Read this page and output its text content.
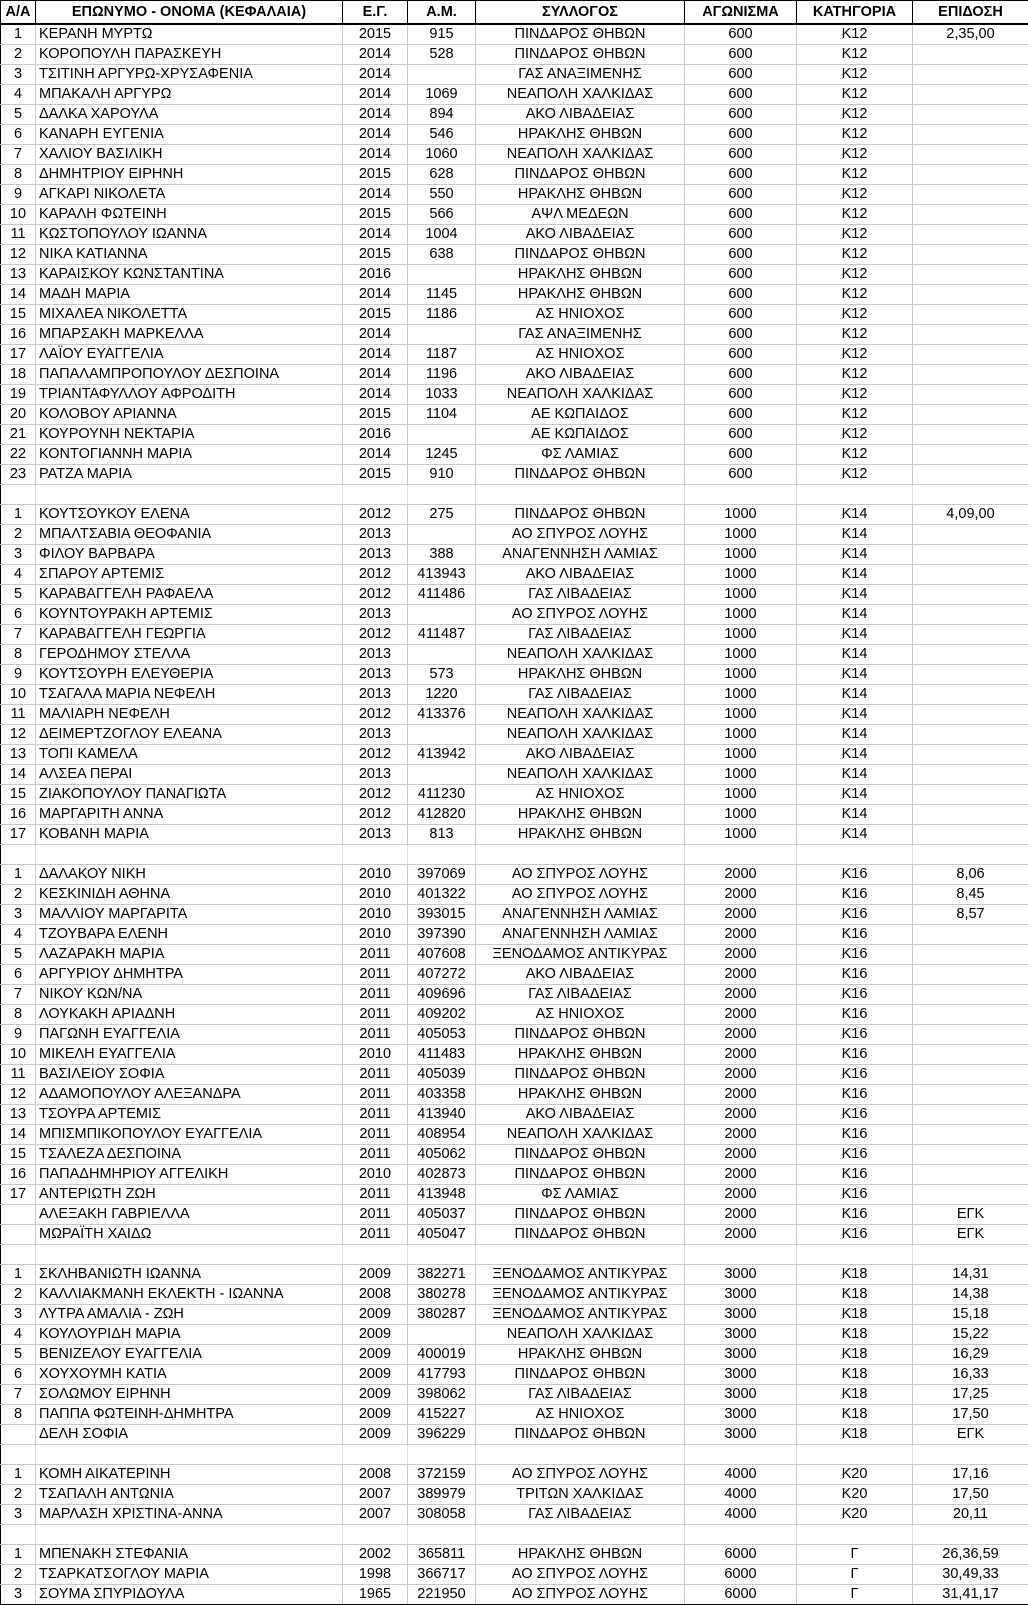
Α/Α	ΕΠΩΝΥΜΟ - ΟΝΟΜΑ (ΚΕΦΑΛΑΙΑ)	Ε.Γ.	Α.Μ.	ΣΥΛΛΟΓΟΣ	ΑΓΩΝΙΣΜΑ	ΚΑΤΗΓΟΡΙΑ	ΕΠΙΔΟΣΗ
1	ΚΕΡΑΝΗ ΜΥΡΤΩ	2015	915	ΠΙΝΔΑΡΟΣ ΘΗΒΩΝ	600	Κ12	2,35,00
2	ΚΟΡΟΠΟΥΛΗ ΠΑΡΑΣΚΕΥΗ	2014	528	ΠΙΝΔΑΡΟΣ ΘΗΒΩΝ	600	Κ12	
3	ΤΣΙΤΙΝΗ ΑΡΓΥΡΩ-ΧΡΥΣΑΦΕΝΙΑ	2014		ΓΑΣ ΑΝΑΞΙΜΕΝΗΣ	600	Κ12	
4	ΜΠΑΚΑΛΗ ΑΡΓΥΡΩ	2014	1069	ΝΕΑΠΟΛΗ ΧΑΛΚΙΔΑΣ	600	Κ12	
5	ΔΑΛΚΑ ΧΑΡΟΥΛΑ	2014	894	ΑΚΟ ΛΙΒΑΔΕΙΑΣ	600	Κ12	
6	ΚΑΝΑΡΗ ΕΥΓΕΝΙΑ	2014	546	ΗΡΑΚΛΗΣ ΘΗΒΩΝ	600	Κ12	
7	ΧΑΛΙΟΥ ΒΑΣΙΛΙΚΗ	2014	1060	ΝΕΑΠΟΛΗ ΧΑΛΚΙΔΑΣ	600	Κ12	
8	ΔΗΜΗΤΡΙΟΥ ΕΙΡΗΝΗ	2015	628	ΠΙΝΔΑΡΟΣ ΘΗΒΩΝ	600	Κ12	
9	ΑΓΚΑΡΙ ΝΙΚΟΛΕΤΑ	2014	550	ΗΡΑΚΛΗΣ ΘΗΒΩΝ	600	Κ12	
10	ΚΑΡΑΛΗ ΦΩΤΕΙΝΗ	2015	566	ΑΨΛ ΜΕΔΕΩΝ	600	Κ12	
11	ΚΩΣΤΟΠΟΥΛΟΥ ΙΩΑΝΝΑ	2014	1004	ΑΚΟ ΛΙΒΑΔΕΙΑΣ	600	Κ12	
12	ΝΙΚΑ ΚΑΤΙΑΝΝΑ	2015	638	ΠΙΝΔΑΡΟΣ ΘΗΒΩΝ	600	Κ12	
13	ΚΑΡΑΙΣΚΟΥ ΚΩΝΣΤΑΝΤΙΝΑ	2016		ΗΡΑΚΛΗΣ ΘΗΒΩΝ	600	Κ12	
14	ΜΑΔΗ ΜΑΡΙΑ	2014	1145	ΗΡΑΚΛΗΣ ΘΗΒΩΝ	600	Κ12	
15	ΜΙΧΑΛΕΑ ΝΙΚΟΛΕΤΤΑ	2015	1186	ΑΣ ΗΝΙΟΧΟΣ	600	Κ12	
16	ΜΠΑΡΣΑΚΗ ΜΑΡΚΕΛΛΑ	2014		ΓΑΣ ΑΝΑΞΙΜΕΝΗΣ	600	Κ12	
17	ΛΑΪΟΥ ΕΥΑΓΓΕΛΙΑ	2014	1187	ΑΣ ΗΝΙΟΧΟΣ	600	Κ12	
18	ΠΑΠΑΛΑΜΠΡΟΠΟΥΛΟΥ ΔΕΣΠΟΙΝΑ	2014	1196	ΑΚΟ ΛΙΒΑΔΕΙΑΣ	600	Κ12	
19	ΤΡΙΑΝΤΑΦΥΛΛΟΥ ΑΦΡΟΔΙΤΗ	2014	1033	ΝΕΑΠΟΛΗ ΧΑΛΚΙΔΑΣ	600	Κ12	
20	ΚΟΛΟΒΟΥ ΑΡΙΑΝΝΑ	2015	1104	ΑΕ ΚΩΠΑΙΔΟΣ	600	Κ12	
21	ΚΟΥΡΟΥΝΗ ΝΕΚΤΑΡΙΑ	2016		ΑΕ ΚΩΠΑΙΔΟΣ	600	Κ12	
22	ΚΟΝΤΟΓΙΑΝΝΗ ΜΑΡΙΑ	2014	1245	ΦΣ ΛΑΜΙΑΣ	600	Κ12	
23	ΡΑΤΖΑ ΜΑΡΙΑ	2015	910	ΠΙΝΔΑΡΟΣ ΘΗΒΩΝ	600	Κ12	

1	ΚΟΥΤΣΟΥΚΟΥ ΕΛΕΝΑ	2012	275	ΠΙΝΔΑΡΟΣ ΘΗΒΩΝ	1000	Κ14	4,09,00
2	ΜΠΑΛΤΣΑΒΙΑ ΘΕΟΦΑΝΙΑ	2013		ΑΟ ΣΠΥΡΟΣ ΛΟΥΗΣ	1000	Κ14	
3	ΦΙΛΟΥ ΒΑΡΒΑΡΑ	2013	388	ΑΝΑΓΕΝΝΗΣΗ ΛΑΜΙΑΣ	1000	Κ14	
4	ΣΠΑΡΟΥ ΑΡΤΕΜΙΣ	2012	413943	ΑΚΟ ΛΙΒΑΔΕΙΑΣ	1000	Κ14	
5	ΚΑΡΑΒΑΓΓΕΛΗ ΡΑΦΑΕΛΑ	2012	411486	ΓΑΣ ΛΙΒΑΔΕΙΑΣ	1000	Κ14	
6	ΚΟΥΝΤΟΥΡΑΚΗ ΑΡΤΕΜΙΣ	2013		ΑΟ ΣΠΥΡΟΣ ΛΟΥΗΣ	1000	Κ14	
7	ΚΑΡΑΒΑΓΓΕΛΗ ΓΕΩΡΓΙΑ	2012	411487	ΓΑΣ ΛΙΒΑΔΕΙΑΣ	1000	Κ14	
8	ΓΕΡΟΔΗΜΟΥ ΣΤΕΛΛΑ	2013		ΝΕΑΠΟΛΗ ΧΑΛΚΙΔΑΣ	1000	Κ14	
9	ΚΟΥΤΣΟΥΡΗ ΕΛΕΥΘΕΡΙΑ	2013	573	ΗΡΑΚΛΗΣ ΘΗΒΩΝ	1000	Κ14	
10	ΤΣΑΓΑΛΑ ΜΑΡΙΑ ΝΕΦΕΛΗ	2013	1220	ΓΑΣ ΛΙΒΑΔΕΙΑΣ	1000	Κ14	
11	ΜΑΛΙΑΡΗ ΝΕΦΕΛΗ	2012	413376	ΝΕΑΠΟΛΗ ΧΑΛΚΙΔΑΣ	1000	Κ14	
12	ΔΕΙΜΕΡΤΖΟΓΛΟΥ ΕΛΕΑΝΑ	2013		ΝΕΑΠΟΛΗ ΧΑΛΚΙΔΑΣ	1000	Κ14	
13	ΤΟΠΙ ΚΑΜΕΛΑ	2012	413942	ΑΚΟ ΛΙΒΑΔΕΙΑΣ	1000	Κ14	
14	ΑΛΣΕΑ ΠΕΡΑΙ	2013		ΝΕΑΠΟΛΗ ΧΑΛΚΙΔΑΣ	1000	Κ14	
15	ΖΙΑΚΟΠΟΥΛΟΥ ΠΑΝΑΓΙΩΤΑ	2012	411230	ΑΣ ΗΝΙΟΧΟΣ	1000	Κ14	
16	ΜΑΡΓΑΡΙΤΗ ΑΝΝΑ	2012	412820	ΗΡΑΚΛΗΣ ΘΗΒΩΝ	1000	Κ14	
17	ΚΟΒΑΝΗ ΜΑΡΙΑ	2013	813	ΗΡΑΚΛΗΣ ΘΗΒΩΝ	1000	Κ14	

1	ΔΑΛΑΚΟΥ ΝΙΚΗ	2010	397069	ΑΟ ΣΠΥΡΟΣ ΛΟΥΗΣ	2000	Κ16	8,06
2	ΚΕΣΚΙΝΙΔΗ ΑΘΗΝΑ	2010	401322	ΑΟ ΣΠΥΡΟΣ ΛΟΥΗΣ	2000	Κ16	8,45
3	ΜΑΛΛΙΟΥ ΜΑΡΓΑΡΙΤΑ	2010	393015	ΑΝΑΓΕΝΝΗΣΗ ΛΑΜΙΑΣ	2000	Κ16	8,57
4	ΤΖΟΥΒΑΡΑ ΕΛΕΝΗ	2010	397390	ΑΝΑΓΕΝΝΗΣΗ ΛΑΜΙΑΣ	2000	Κ16	
5	ΛΑΖΑΡΑΚΗ ΜΑΡΙΑ	2011	407608	ΞΕΝΟΔΑΜΟΣ ΑΝΤΙΚΥΡΑΣ	2000	Κ16	
6	ΑΡΓΥΡΙΟΥ ΔΗΜΗΤΡΑ	2011	407272	ΑΚΟ ΛΙΒΑΔΕΙΑΣ	2000	Κ16	
7	ΝΙΚΟΥ ΚΩΝ/ΝΑ	2011	409696	ΓΑΣ ΛΙΒΑΔΕΙΑΣ	2000	Κ16	
8	ΛΟΥΚΑΚΗ ΑΡΙΑΔΝΗ	2011	409202	ΑΣ ΗΝΙΟΧΟΣ	2000	Κ16	
9	ΠΑΓΩΝΗ ΕΥΑΓΓΕΛΙΑ	2011	405053	ΠΙΝΔΑΡΟΣ ΘΗΒΩΝ	2000	Κ16	
10	ΜΙΚΕΛΗ ΕΥΑΓΓΕΛΙΑ	2010	411483	ΗΡΑΚΛΗΣ ΘΗΒΩΝ	2000	Κ16	
11	ΒΑΣΙΛΕΙΟΥ ΣΟΦΙΑ	2011	405039	ΠΙΝΔΑΡΟΣ ΘΗΒΩΝ	2000	Κ16	
12	ΑΔΑΜΟΠΟΥΛΟΥ ΑΛΕΞΑΝΔΡΑ	2011	403358	ΗΡΑΚΛΗΣ ΘΗΒΩΝ	2000	Κ16	
13	ΤΣΟΥΡΑ ΑΡΤΕΜΙΣ	2011	413940	ΑΚΟ ΛΙΒΑΔΕΙΑΣ	2000	Κ16	
14	ΜΠΙΣΜΠΙΚΟΠΟΥΛΟΥ ΕΥΑΓΓΕΛΙΑ	2011	408954	ΝΕΑΠΟΛΗ ΧΑΛΚΙΔΑΣ	2000	Κ16	
15	ΤΣΑΛΕΖΑ ΔΕΣΠΟΙΝΑ	2011	405062	ΠΙΝΔΑΡΟΣ ΘΗΒΩΝ	2000	Κ16	
16	ΠΑΠΑΔΗΜΗΡΙΟΥ ΑΓΓΕΛΙΚΗ	2010	402873	ΠΙΝΔΑΡΟΣ ΘΗΒΩΝ	2000	Κ16	
17	ΑΝΤΕΡΙΩΤΗ ΖΩΗ	2011	413948	ΦΣ ΛΑΜΙΑΣ	2000	Κ16	
	ΑΛΕΞΑΚΗ ΓΑΒΡΙΕΛΛΑ	2011	405037	ΠΙΝΔΑΡΟΣ ΘΗΒΩΝ	2000	Κ16	ΕΓΚ
	ΜΩΡΑΪΤΗ ΧΑΙΔΩ	2011	405047	ΠΙΝΔΑΡΟΣ ΘΗΒΩΝ	2000	Κ16	ΕΓΚ

1	ΣΚΛΗΒΑΝΙΩΤΗ ΙΩΑΝΝΑ	2009	382271	ΞΕΝΟΔΑΜΟΣ ΑΝΤΙΚΥΡΑΣ	3000	Κ18	14,31
2	ΚΑΛΛΙΑΚΜΑΝΗ ΕΚΛΕΚΤΗ - ΙΩΑΝΝΑ	2008	380278	ΞΕΝΟΔΑΜΟΣ ΑΝΤΙΚΥΡΑΣ	3000	Κ18	14,38
3	ΛΥΤΡΑ ΑΜΑΛΙΑ - ΖΩΗ	2009	380287	ΞΕΝΟΔΑΜΟΣ ΑΝΤΙΚΥΡΑΣ	3000	Κ18	15,18
4	ΚΟΥΛΟΥΡΙΔΗ ΜΑΡΙΑ	2009		ΝΕΑΠΟΛΗ ΧΑΛΚΙΔΑΣ	3000	Κ18	15,22
5	ΒΕΝΙΖΕΛΟΥ ΕΥΑΓΓΕΛΙΑ	2009	400019	ΗΡΑΚΛΗΣ ΘΗΒΩΝ	3000	Κ18	16,29
6	ΧΟΥΧΟΥΜΗ ΚΑΤΙΑ	2009	417793	ΠΙΝΔΑΡΟΣ ΘΗΒΩΝ	3000	Κ18	16,33
7	ΣΟΛΩΜΟΥ ΕΙΡΗΝΗ	2009	398062	ΓΑΣ ΛΙΒΑΔΕΙΑΣ	3000	Κ18	17,25
8	ΠΑΠΠΑ ΦΩΤΕΙΝΗ-ΔΗΜΗΤΡΑ	2009	415227	ΑΣ ΗΝΙΟΧΟΣ	3000	Κ18	17,50
	ΔΕΛΗ ΣΟΦΙΑ	2009	396229	ΠΙΝΔΑΡΟΣ ΘΗΒΩΝ	3000	Κ18	ΕΓΚ

1	ΚΟΜΗ ΑΙΚΑΤΕΡΙΝΗ	2008	372159	ΑΟ ΣΠΥΡΟΣ ΛΟΥΗΣ	4000	Κ20	17,16
2	ΤΣΑΠΑΛΗ ΑΝΤΩΝΙΑ	2007	389979	ΤΡΙΤΩΝ ΧΑΛΚΙΔΑΣ	4000	Κ20	17,50
3	ΜΑΡΛΑΣΗ ΧΡΙΣΤΙΝΑ-ΑΝΝΑ	2007	308058	ΓΑΣ ΛΙΒΑΔΕΙΑΣ	4000	Κ20	20,11

1	ΜΠΕΝΑΚΗ ΣΤΕΦΑΝΙΑ	2002	365811	ΗΡΑΚΛΗΣ ΘΗΒΩΝ	6000	Γ	26,36,59
2	ΤΣΑΡΚΑΤΣΟΓΛΟΥ ΜΑΡΙΑ	1998	366717	ΑΟ ΣΠΥΡΟΣ ΛΟΥΗΣ	6000	Γ	30,49,33
3	ΣΟΥΜΑ ΣΠΥΡΙΔΟΥΛΑ	1965	221950	ΑΟ ΣΠΥΡΟΣ ΛΟΥΗΣ	6000	Γ	31,41,17
